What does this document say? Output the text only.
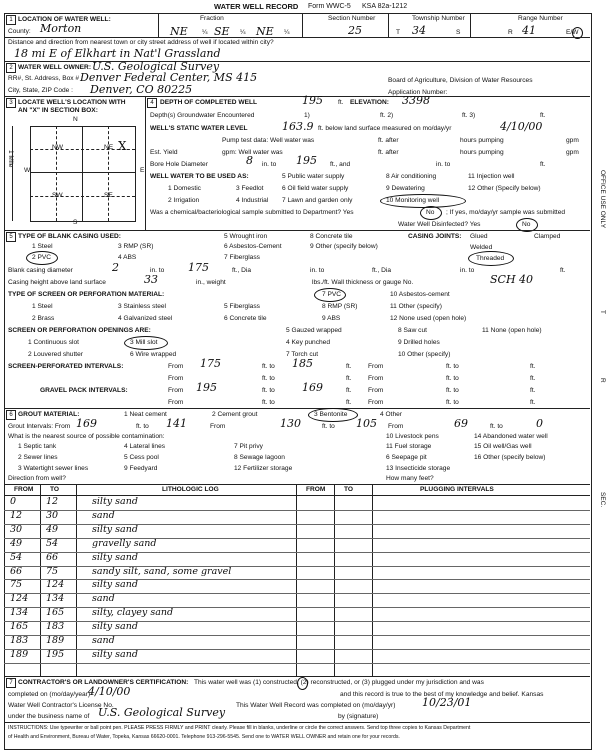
WATER WELL RECORD Form WWC-5 KSA 82a-1212
1 LOCATION OF WATER WELL:
County: Morton
Fraction
NE ¼ SE ¼ NE ¼
Section Number
25
Township Number
T 34	S
Range Number
R 41	E/W
Distance and direction from nearest town or city street address of well if located within city?
18 mi E of Elkhart in Nat'l Grassland
2 WATER WELL OWNER: U.S. Geological Survey
RR#, St. Address, Box # :
Denver Federal Center, MS 415	Board of Agriculture, Division of Water Resources
City, State, ZIP Code : Denver, CO 80225	Application Number:
3 LOCATE WELL'S LOCATION WITH
AN "X" IN SECTION BOX:
N
S
E
W
1 Mile
NW	NE
SW	SE
X
4 DEPTH OF COMPLETED WELL	195 ft. ELEVATION: 3398
Depth(s) Groundwater Encountered	1)	ft. 2)	ft. 3)	ft.
WELL'S STATIC WATER LEVEL	163.9 ft. below land surface measured on mo/day/yr	4/10/00
Pump test data: Well water was	ft. after	hours pumping	gpm
Est. Yield	gpm: Well water was	ft. after	hours pumping	gpm
Bore Hole Diameter	8 in. to 195 ft., and	in. to	ft.
WELL WATER TO BE USED AS:	5 Public water supply	8 Air conditioning	11 Injection well
1 Domestic	3 Feedlot	6 Oil field water supply	9 Dewatering	12 Other (Specify below)
2 Irrigation	4 Industrial 7 Lawn and garden only	10 Monitoring well
Was a chemical/bacteriological sample submitted to Department? Yes	No ; If yes, mo/day/yr sample was submitted
Water Well Disinfected? Yes	No
5 TYPE OF BLANK CASING USED:
1 Steel	3 RMP (SR)
5 Wrought iron	8 Concrete tile
6 Asbestos-Cement	9 Other (specify below)
2 PVC	4 ABS	7 Fiberglass
CASING JOINTS: Glued	Clamped
Welded
Threaded
Blank casing diameter	2	in. to 175	ft., Dia	in. to	ft., Dia	in. to	ft.
Casing height above land surface	33	in., weight	lbs./ft. Wall thickness or gauge No.	SCH 40
TYPE OF SCREEN OR PERFORATION MATERIAL:	7 PVC	10 Asbestos-cement
1 Steel	3 Stainless steel	5 Fiberglass	8 RMP (SR)	11 Other (specify)
2 Brass	4 Galvanized steel	6 Concrete tile	9 ABS	12 None used (open hole)
SCREEN OR PERFORATION OPENINGS ARE:	5 Gauzed wrapped	8 Saw cut	11 None (open hole)
1 Continuous slot	3 Mill slot	4 Key punched	9 Drilled holes
2 Louvered shutter	6 Wire wrapped	7 Torch cut	10 Other (specify)
SCREEN-PERFORATED INTERVALS:	From 175	ft. to 185	ft.	From	ft. to	ft.
From	ft. to	ft.	From	ft. to	ft.
GRAVEL PACK INTERVALS:	From 195	ft. to 169	ft.	From	ft. to	ft.
From	ft. to	ft.	From	ft. to	ft.
6 GROUT MATERIAL:	1 Neat cement	2 Cement grout	3 Bentonite	4 Other
Grout Intervals: From 169	ft. to 141	From	130	ft. to 105 From	69	ft. to	0
What is the nearest source of possible contamination:	10 Livestock pens	14 Abandoned water well
1 Septic tank	4 Lateral lines	7 Pit privy	11 Fuel storage	15 Oil well/Gas well
2 Sewer lines	5 Cess pool	8 Sewage lagoon	6 Seepage pit	16 Other (specify below)
3 Watertight sewer lines	9 Feedyard	12 Fertilizer storage	13 Insecticide storage
Direction from well?	How many feet?
FROM	TO	LITHOLOGIC LOG	FROM	TO	PLUGGING INTERVALS
0	12	silty sand
12	30	sand
30	49	silty sand
49	54	gravelly sand
54	66	silty sand
66	75	sandy silt, sand, some gravel
75	124	silty sand
124 134	sand
134 165	silty, clayey sand
165 183	silty sand
183 189	sand
189 195	silty sand
7 CONTRACTOR'S OR LANDOWNER'S CERTIFICATION: This water well was (1) constructed, (2) reconstructed, or (3) plugged under my jurisdiction and was
completed on (mo/day/year)
4/10/00	and this record is true to the best of my knowledge and belief. Kansas
Water Well Contractor's License No.	This Water Well Record was completed on (mo/day/yr) 10/23/01
under the business name of U.S. Geological Survey	by (signature)
INSTRUCTIONS: Use typewriter or ball point pen. PLEASE PRESS FIRMLY and PRINT clearly. Please fill in blanks, underline or circle the correct answers. Send top three copies to Kansas Department
of Health and Environment, Bureau of Water, Topeka, Kansas 66620-0001. Telephone 913-296-5545. Send one to WATER WELL OWNER and retain one for your records.
OFFICE USE ONLY
T
R
SEC.
